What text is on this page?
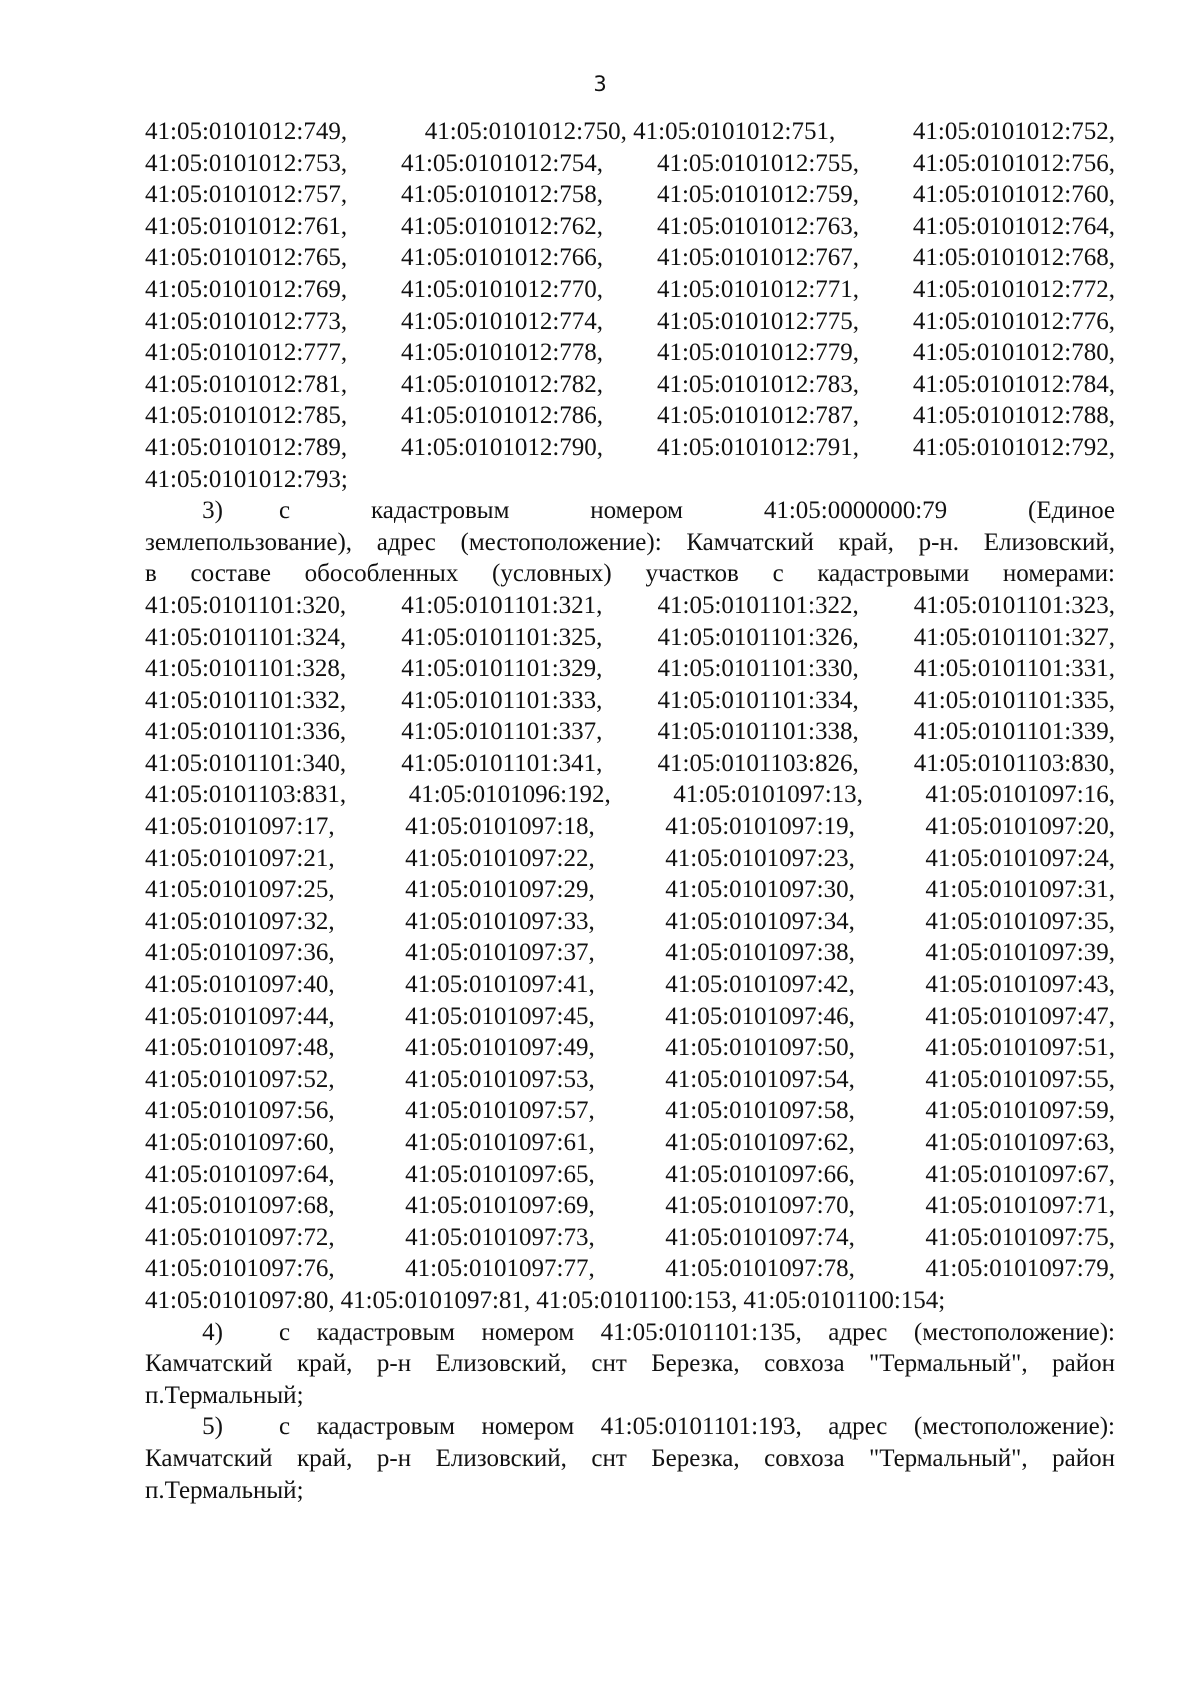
3
41:05:0101012:749,	41:05:0101012:750, 41:05:0101012:751,	41:05:0101012:752,
41:05:0101012:753, 41:05:0101012:754, 41:05:0101012:755, 41:05:0101012:756,
41:05:0101012:757, 41:05:0101012:758, 41:05:0101012:759, 41:05:0101012:760,
41:05:0101012:761, 41:05:0101012:762, 41:05:0101012:763, 41:05:0101012:764,
41:05:0101012:765, 41:05:0101012:766, 41:05:0101012:767, 41:05:0101012:768,
41:05:0101012:769, 41:05:0101012:770, 41:05:0101012:771, 41:05:0101012:772,
41:05:0101012:773, 41:05:0101012:774, 41:05:0101012:775, 41:05:0101012:776,
41:05:0101012:777, 41:05:0101012:778, 41:05:0101012:779, 41:05:0101012:780,
41:05:0101012:781, 41:05:0101012:782, 41:05:0101012:783, 41:05:0101012:784,
41:05:0101012:785, 41:05:0101012:786, 41:05:0101012:787, 41:05:0101012:788,
41:05:0101012:789, 41:05:0101012:790, 41:05:0101012:791, 41:05:0101012:792,
41:05:0101012:793;
3)	с кадастровым номером 41:05:0000000:79 (Единое
землепользование), адрес (местоположение): Камчатский край, р-н. Елизовский,
в составе обособленных (условных) участков с кадастровыми номерами:
41:05:0101101:320, 41:05:0101101:321, 41:05:0101101:322, 41:05:0101101:323,
41:05:0101101:324, 41:05:0101101:325, 41:05:0101101:326, 41:05:0101101:327,
41:05:0101101:328, 41:05:0101101:329, 41:05:0101101:330, 41:05:0101101:331,
41:05:0101101:332, 41:05:0101101:333, 41:05:0101101:334, 41:05:0101101:335,
41:05:0101101:336, 41:05:0101101:337, 41:05:0101101:338, 41:05:0101101:339,
41:05:0101101:340, 41:05:0101101:341, 41:05:0101103:826, 41:05:0101103:830,
41:05:0101103:831,	41:05:0101096:192,	41:05:0101097:13,	41:05:0101097:16,
41:05:0101097:17,	41:05:0101097:18,	41:05:0101097:19,	41:05:0101097:20,
41:05:0101097:21,	41:05:0101097:22,	41:05:0101097:23,	41:05:0101097:24,
41:05:0101097:25,	41:05:0101097:29,	41:05:0101097:30,	41:05:0101097:31,
41:05:0101097:32,	41:05:0101097:33,	41:05:0101097:34,	41:05:0101097:35,
41:05:0101097:36,	41:05:0101097:37,	41:05:0101097:38,	41:05:0101097:39,
41:05:0101097:40,	41:05:0101097:41,	41:05:0101097:42,	41:05:0101097:43,
41:05:0101097:44,	41:05:0101097:45,	41:05:0101097:46,	41:05:0101097:47,
41:05:0101097:48,	41:05:0101097:49,	41:05:0101097:50,	41:05:0101097:51,
41:05:0101097:52,	41:05:0101097:53,	41:05:0101097:54,	41:05:0101097:55,
41:05:0101097:56,	41:05:0101097:57,	41:05:0101097:58,	41:05:0101097:59,
41:05:0101097:60,	41:05:0101097:61,	41:05:0101097:62,	41:05:0101097:63,
41:05:0101097:64,	41:05:0101097:65,	41:05:0101097:66,	41:05:0101097:67,
41:05:0101097:68,	41:05:0101097:69,	41:05:0101097:70,	41:05:0101097:71,
41:05:0101097:72,	41:05:0101097:73,	41:05:0101097:74,	41:05:0101097:75,
41:05:0101097:76,	41:05:0101097:77,	41:05:0101097:78,	41:05:0101097:79,
41:05:0101097:80, 41:05:0101097:81, 41:05:0101100:153, 41:05:0101100:154;
4)	с кадастровым номером 41:05:0101101:135, адрес (местоположение):
Камчатский край, р-н Елизовский, снт Березка, совхоза "Термальный", район
п.Термальный;
5)	с кадастровым номером 41:05:0101101:193, адрес (местоположение):
Камчатский край, р-н Елизовский, снт Березка, совхоза "Термальный", район
п.Термальный;
